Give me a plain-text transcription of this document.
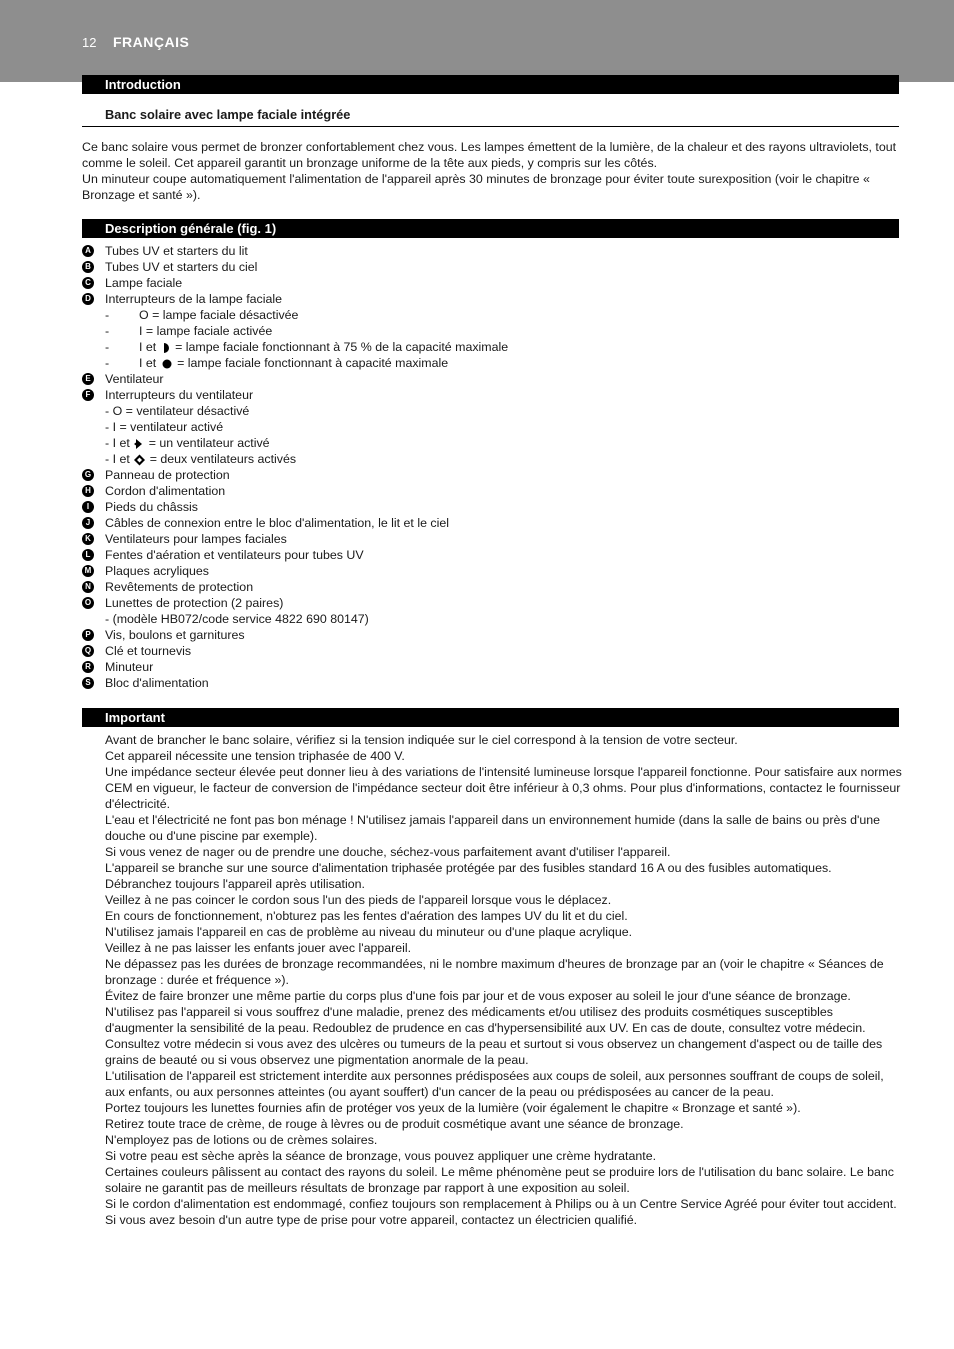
12 FRANÇAIS
Introduction
Banc solaire avec lampe faciale intégrée

Ce banc solaire vous permet de bronzer confortablement chez vous. Les lampes émettent de la lumière, de la chaleur et des rayons ultraviolets, tout comme le soleil. Cet appareil garantit un bronzage uniforme de la tête aux pieds, y compris sur les côtés.

Un minuteur coupe automatiquement l'alimentation de l'appareil après 30 minutes de bronzage pour éviter toute surexposition (voir le chapitre « Bronzage et santé »).

Description générale (fig. 1)
A Tubes UV et starters du lit
B Tubes UV et starters du ciel
C Lampe faciale
D Interrupteurs de la lampe faciale
- O = lampe faciale désactivée
- I = lampe faciale activée
- I et  = lampe faciale fonctionnant à 75 % de la capacité maximale
- I et  = lampe faciale fonctionnant à capacité maximale
E Ventilateur
F Interrupteurs du ventilateur
- O = ventilateur désactivé
- I = ventilateur activé
- I et  = un ventilateur activé
- I et  = deux ventilateurs activés
G Panneau de protection
H Cordon d'alimentation
I	Pieds du châssis
J	Câbles de connexion entre le bloc d'alimentation, le lit et le ciel
K Ventilateurs pour lampes faciales
L Fentes d'aération et ventilateurs pour tubes UV
M Plaques acryliques
N Revêtements de protection
O Lunettes de protection (2 paires)
- (modèle HB072/code service 4822 690 80147)
P Vis, boulons et garnitures
Q Clé et tournevis
R Minuteur
S Bloc d'alimentation
Important

Avant de brancher le banc solaire, vérifiez si la tension indiquée sur le ciel correspond à la tension de votre secteur.

Cet appareil nécessite une tension triphasée de 400 V.

Une impédance secteur élevée peut donner lieu à des variations de l'intensité lumineuse lorsque l'appareil fonctionne. Pour satisfaire aux normes CEM en vigueur, le facteur de conversion de l'impédance secteur doit être inférieur à 0,3 ohms. Pour plus d'informations, contactez le fournisseur d'électricité.

L'eau et l'électricité ne font pas bon ménage ! N'utilisez jamais l'appareil dans un environnement humide (dans la salle de bains ou près d'une douche ou d'une piscine par exemple).

Si vous venez de nager ou de prendre une douche, séchez-vous parfaitement avant d'utiliser l'appareil.

L'appareil se branche sur une source d'alimentation triphasée protégée par des fusibles standard 16 A ou des fusibles automatiques.

Débranchez toujours l'appareil après utilisation.

Veillez à ne pas coincer le cordon sous l'un des pieds de l'appareil lorsque vous le déplacez.

En cours de fonctionnement, n'obturez pas les fentes d'aération des lampes UV du lit et du ciel.

N'utilisez jamais l'appareil en cas de problème au niveau du minuteur ou d'une plaque acrylique.

Veillez à ne pas laisser les enfants jouer avec l'appareil.

Ne dépassez pas les durées de bronzage recommandées, ni le nombre maximum d'heures de bronzage par an (voir le chapitre « Séances de bronzage : durée et fréquence »).

Évitez de faire bronzer une même partie du corps plus d'une fois par jour et de vous exposer au soleil le jour d'une séance de bronzage.

N'utilisez pas l'appareil si vous souffrez d'une maladie, prenez des médicaments et/ou utilisez des produits cosmétiques susceptibles d'augmenter la sensibilité de la peau. Redoublez de prudence en cas d'hypersensibilité aux UV. En cas de doute, consultez votre médecin.

Consultez votre médecin si vous avez des ulcères ou tumeurs de la peau et surtout si vous observez un changement d'aspect ou de taille des grains de beauté ou si vous observez une pigmentation anormale de la peau.

L'utilisation de l'appareil est strictement interdite aux personnes prédisposées aux coups de soleil, aux personnes souffrant de coups de soleil, aux enfants, ou aux personnes atteintes (ou ayant souffert) d'un cancer de la peau ou prédisposées au cancer de la peau.

Portez toujours les lunettes fournies afin de protéger vos yeux de la lumière (voir également le chapitre « Bronzage et santé »).

Retirez toute trace de crème, de rouge à lèvres ou de produit cosmétique avant une séance de bronzage.

N'employez pas de lotions ou de crèmes solaires.

Si votre peau est sèche après la séance de bronzage, vous pouvez appliquer une crème hydratante.

Certaines couleurs pâlissent au contact des rayons du soleil. Le même phénomène peut se produire lors de l'utilisation du banc solaire. Le banc solaire ne garantit pas de meilleurs résultats de bronzage par rapport à une exposition au soleil.

Si le cordon d'alimentation est endommagé, confiez toujours son remplacement à Philips ou à un Centre Service Agréé pour éviter tout accident.

Si vous avez besoin d'un autre type de prise pour votre appareil, contactez un électricien qualifié.
